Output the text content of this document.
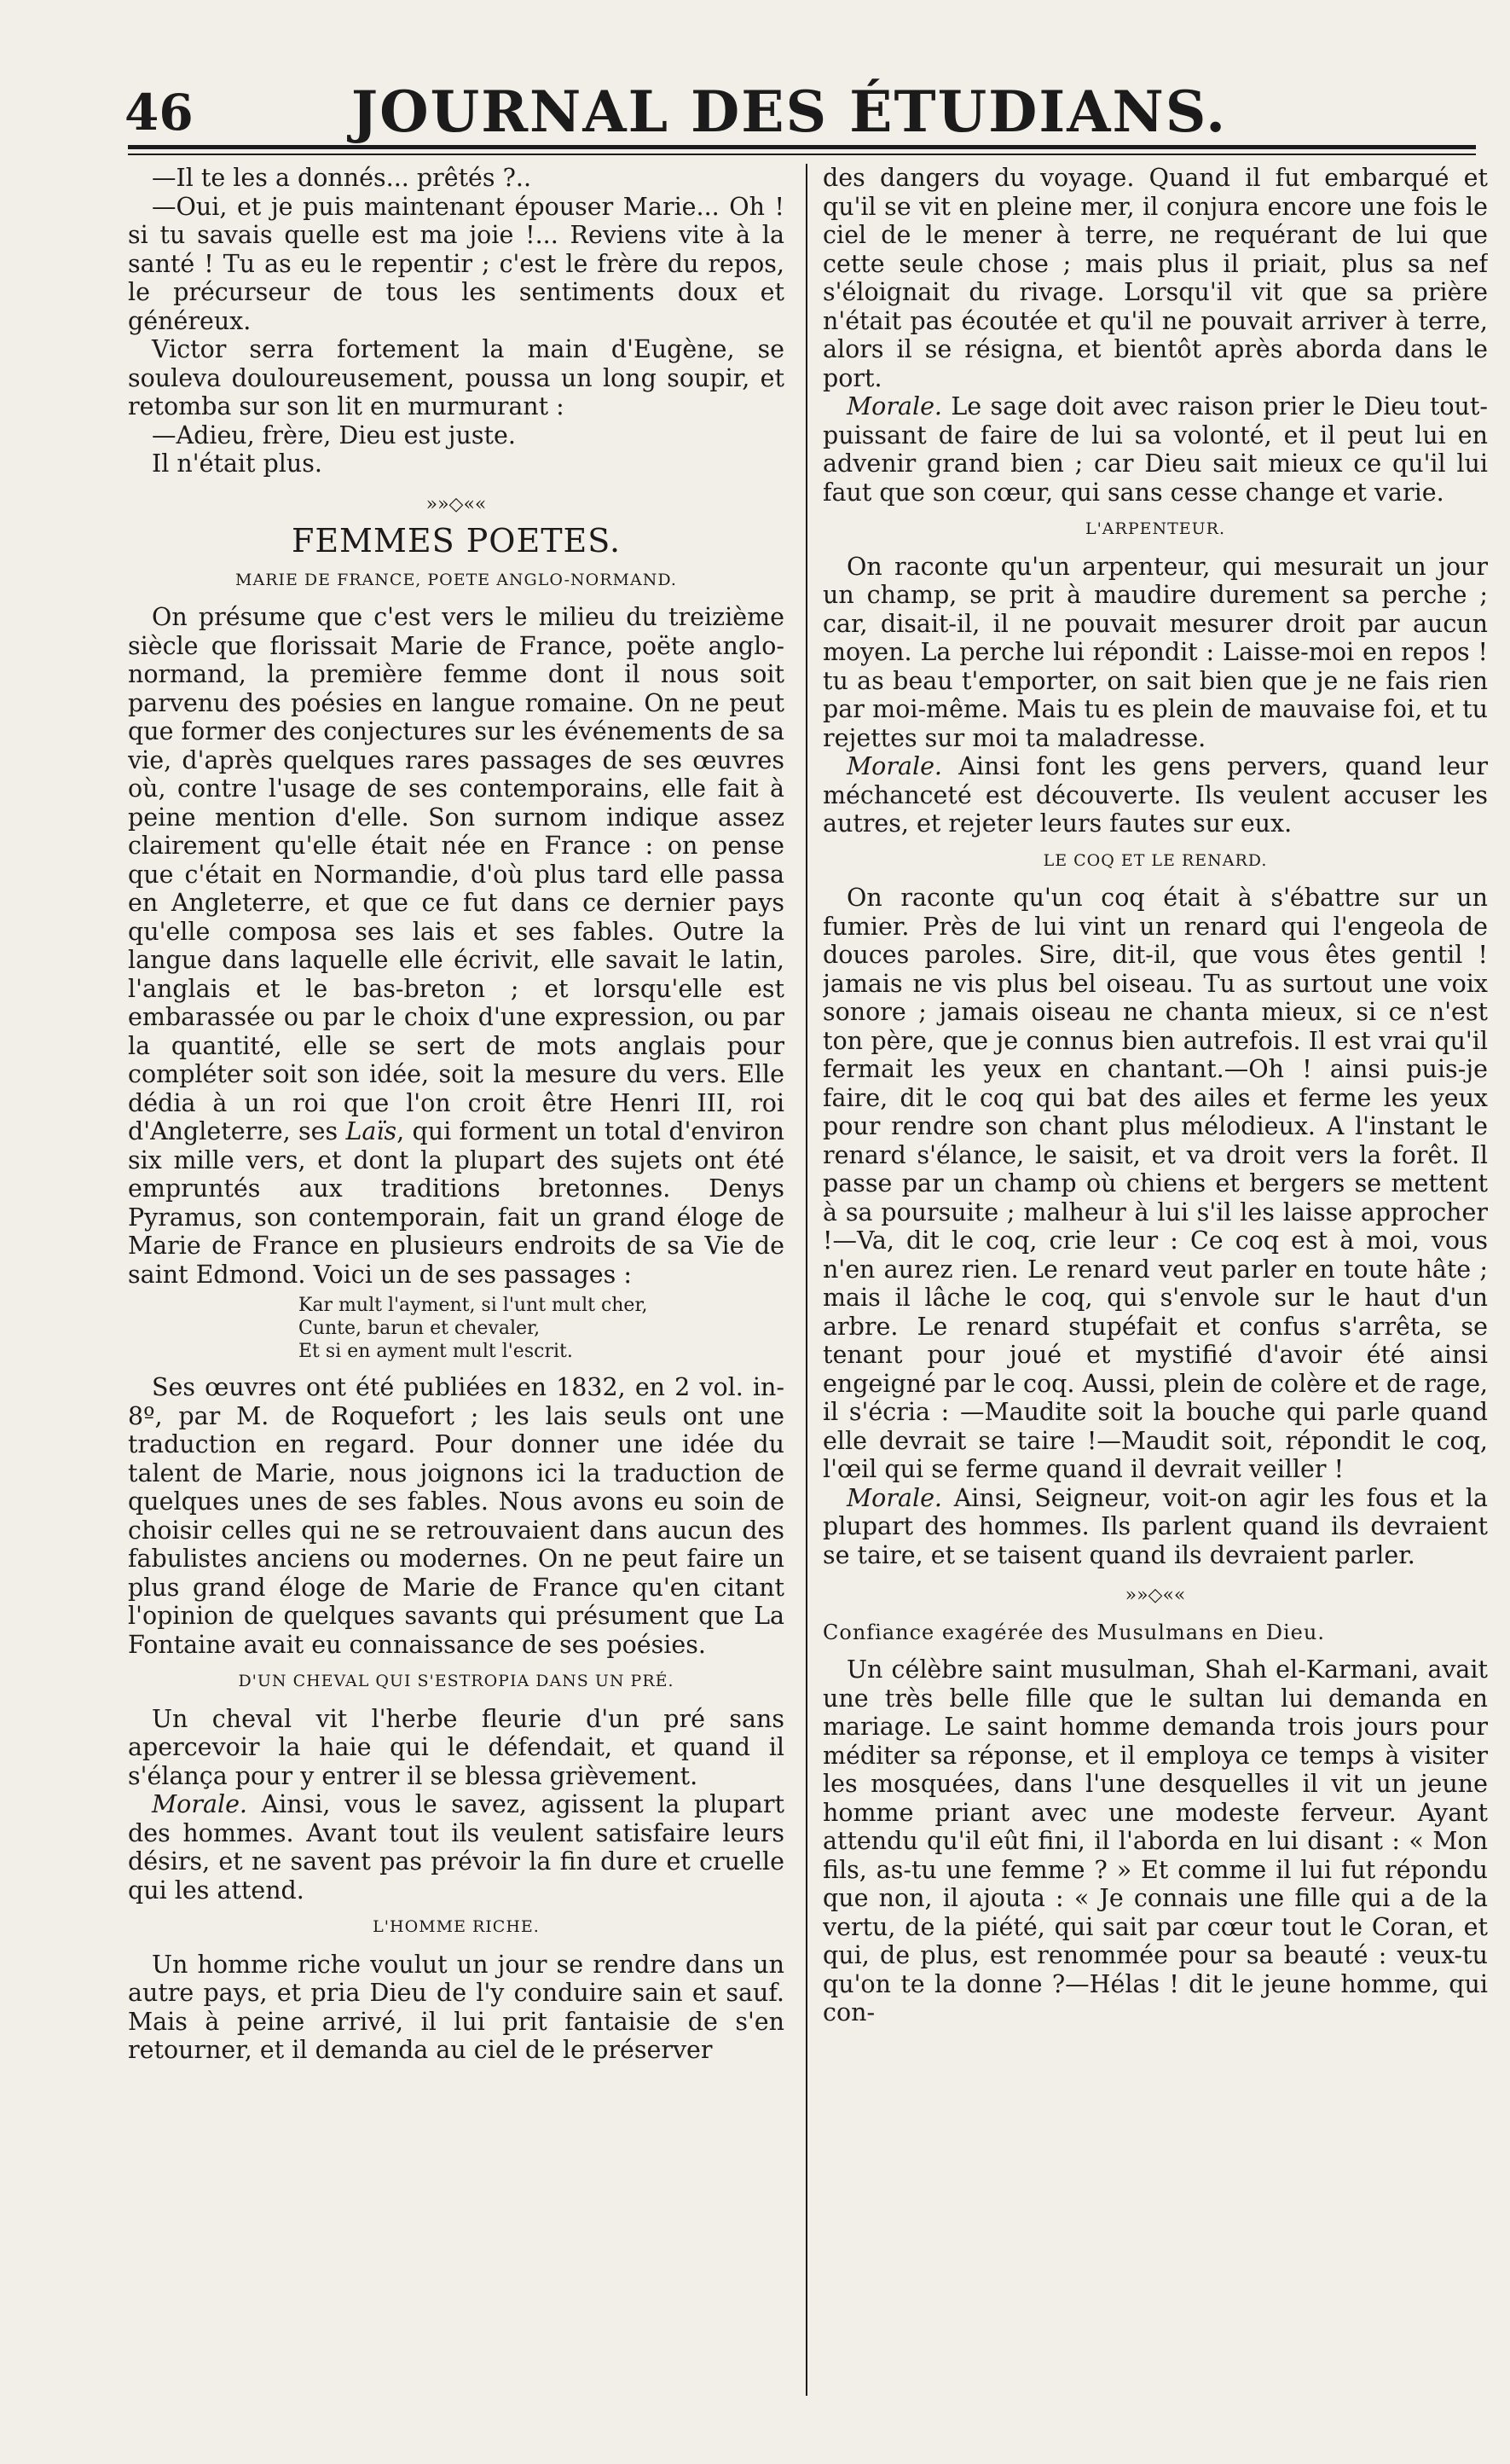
46	JOURNAL DES ÉTUDIANS.

—Il te les a donnés... prêtés ?..

—Oui, et je puis maintenant épouser Marie... Oh ! si tu savais quelle est ma joie !... Reviens vite à la santé ! Tu as eu le repentir ; c'est le frère du repos, le précurseur de tous les sentiments doux et généreux.

Victor serra fortement la main d'Eugène, se souleva douloureusement, poussa un long soupir, et retomba sur son lit en murmurant :

—Adieu, frère, Dieu est juste.

Il n'était plus.

»»◇««
FEMMES POETES.
MARIE DE FRANCE, POETE ANGLO-NORMAND.

On présume que c'est vers le milieu du treizième siècle que florissait Marie de France, poëte anglo-normand, la première femme dont il nous soit parvenu des poésies en langue romaine. On ne peut que former des conjectures sur les événements de sa vie, d'après quelques rares passages de ses œuvres où, contre l'usage de ses contemporains, elle fait à peine mention d'elle. Son surnom indique assez clairement qu'elle était née en France : on pense que c'était en Normandie, d'où plus tard elle passa en Angleterre, et que ce fut dans ce dernier pays qu'elle composa ses lais et ses fables. Outre la langue dans laquelle elle écrivit, elle savait le latin, l'anglais et le bas-breton ; et lorsqu'elle est embarassée ou par le choix d'une expression, ou par la quantité, elle se sert de mots anglais pour compléter soit son idée, soit la mesure du vers. Elle dédia à un roi que l'on croit être Henri III, roi d'Angleterre, ses Laïs, qui forment un total d'environ six mille vers, et dont la plupart des sujets ont été empruntés aux traditions bretonnes. Denys Pyramus, son contemporain, fait un grand éloge de Marie de France en plusieurs endroits de sa Vie de saint Edmond. Voici un de ses passages :

Kar mult l'ayment, si l'unt mult cher,
Cunte, barun et chevaler,
Et si en ayment mult l'escrit.

Ses œuvres ont été publiées en 1832, en 2 vol. in-8º, par M. de Roquefort ; les lais seuls ont une traduction en regard. Pour donner une idée du talent de Marie, nous joignons ici la traduction de quelques unes de ses fables. Nous avons eu soin de choisir celles qui ne se retrouvaient dans aucun des fabulistes anciens ou modernes. On ne peut faire un plus grand éloge de Marie de France qu'en citant l'opinion de quelques savants qui présument que La Fontaine avait eu connaissance de ses poésies.

D'UN CHEVAL QUI S'ESTROPIA DANS UN PRÉ.

Un cheval vit l'herbe fleurie d'un pré sans apercevoir la haie qui le défendait, et quand il s'élança pour y entrer il se blessa grièvement.

Morale. Ainsi, vous le savez, agissent la plupart des hommes. Avant tout ils veulent satisfaire leurs désirs, et ne savent pas prévoir la fin dure et cruelle qui les attend.

L'HOMME RICHE.

Un homme riche voulut un jour se rendre dans un autre pays, et pria Dieu de l'y conduire sain et sauf. Mais à peine arrivé, il lui prit fantaisie de s'en retourner, et il demanda au ciel de le préserver

des dangers du voyage. Quand il fut embarqué et qu'il se vit en pleine mer, il conjura encore une fois le ciel de le mener à terre, ne requérant de lui que cette seule chose ; mais plus il priait, plus sa nef s'éloignait du rivage. Lorsqu'il vit que sa prière n'était pas écoutée et qu'il ne pouvait arriver à terre, alors il se résigna, et bientôt après aborda dans le port.

Morale. Le sage doit avec raison prier le Dieu tout-puissant de faire de lui sa volonté, et il peut lui en advenir grand bien ; car Dieu sait mieux ce qu'il lui faut que son cœur, qui sans cesse change et varie.

L'ARPENTEUR.

On raconte qu'un arpenteur, qui mesurait un jour un champ, se prit à maudire durement sa perche ; car, disait-il, il ne pouvait mesurer droit par aucun moyen. La perche lui répondit : Laisse-moi en repos ! tu as beau t'emporter, on sait bien que je ne fais rien par moi-même. Mais tu es plein de mauvaise foi, et tu rejettes sur moi ta maladresse.

Morale. Ainsi font les gens pervers, quand leur méchanceté est découverte. Ils veulent accuser les autres, et rejeter leurs fautes sur eux.

LE COQ ET LE RENARD.

On raconte qu'un coq était à s'ébattre sur un fumier. Près de lui vint un renard qui l'engeola de douces paroles. Sire, dit-il, que vous êtes gentil ! jamais ne vis plus bel oiseau. Tu as surtout une voix sonore ; jamais oiseau ne chanta mieux, si ce n'est ton père, que je connus bien autrefois. Il est vrai qu'il fermait les yeux en chantant.—Oh ! ainsi puis-je faire, dit le coq qui bat des ailes et ferme les yeux pour rendre son chant plus mélodieux. A l'instant le renard s'élance, le saisit, et va droit vers la forêt. Il passe par un champ où chiens et bergers se mettent à sa poursuite ; malheur à lui s'il les laisse approcher !—Va, dit le coq, crie leur : Ce coq est à moi, vous n'en aurez rien. Le renard veut parler en toute hâte ; mais il lâche le coq, qui s'envole sur le haut d'un arbre. Le renard stupéfait et confus s'arrêta, se tenant pour joué et mystifié d'avoir été ainsi engeigné par le coq. Aussi, plein de colère et de rage, il s'écria : —Maudite soit la bouche qui parle quand elle devrait se taire !—Maudit soit, répondit le coq, l'œil qui se ferme quand il devrait veiller !

Morale. Ainsi, Seigneur, voit-on agir les fous et la plupart des hommes. Ils parlent quand ils devraient se taire, et se taisent quand ils devraient parler.

»»◇««
Confiance exagérée des Musulmans en Dieu.

Un célèbre saint musulman, Shah el-Karmani, avait une très belle fille que le sultan lui demanda en mariage. Le saint homme demanda trois jours pour méditer sa réponse, et il employa ce temps à visiter les mosquées, dans l'une desquelles il vit un jeune homme priant avec une modeste ferveur. Ayant attendu qu'il eût fini, il l'aborda en lui disant : « Mon fils, as-tu une femme ? » Et comme il lui fut répondu que non, il ajouta : « Je connais une fille qui a de la vertu, de la piété, qui sait par cœur tout le Coran, et qui, de plus, est renommée pour sa beauté : veux-tu qu'on te la donne ?—Hélas ! dit le jeune homme, qui con-
